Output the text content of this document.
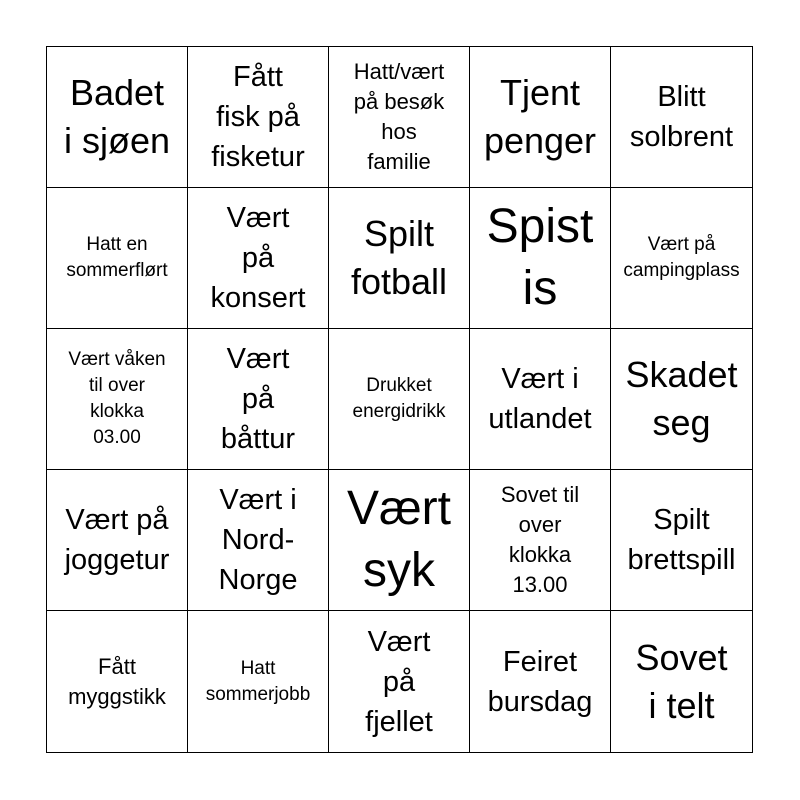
Badet
i sjøen
Fått
fisk på
fisketur
Hatt/vært
på besøk
hos
familie
Tjent
penger
Blitt
solbrent
Hatt en
sommerflørt
Vært
på
konsert
Spilt
fotball
Spist
is
Vært på
campingplass
Vært våken
til over
klokka
03.00
Vært
på
båttur
Drukket
energidrikk
Vært i
utlandet
Skadet
seg
Vært på
joggetur
Vært i
Nord-
Norge
Vært
syk
Sovet til
over
klokka
13.00
Spilt
brettspill
Fått
myggstikk
Hatt
sommerjobb
Vært
på
fjellet
Feiret
bursdag
Sovet
i telt
